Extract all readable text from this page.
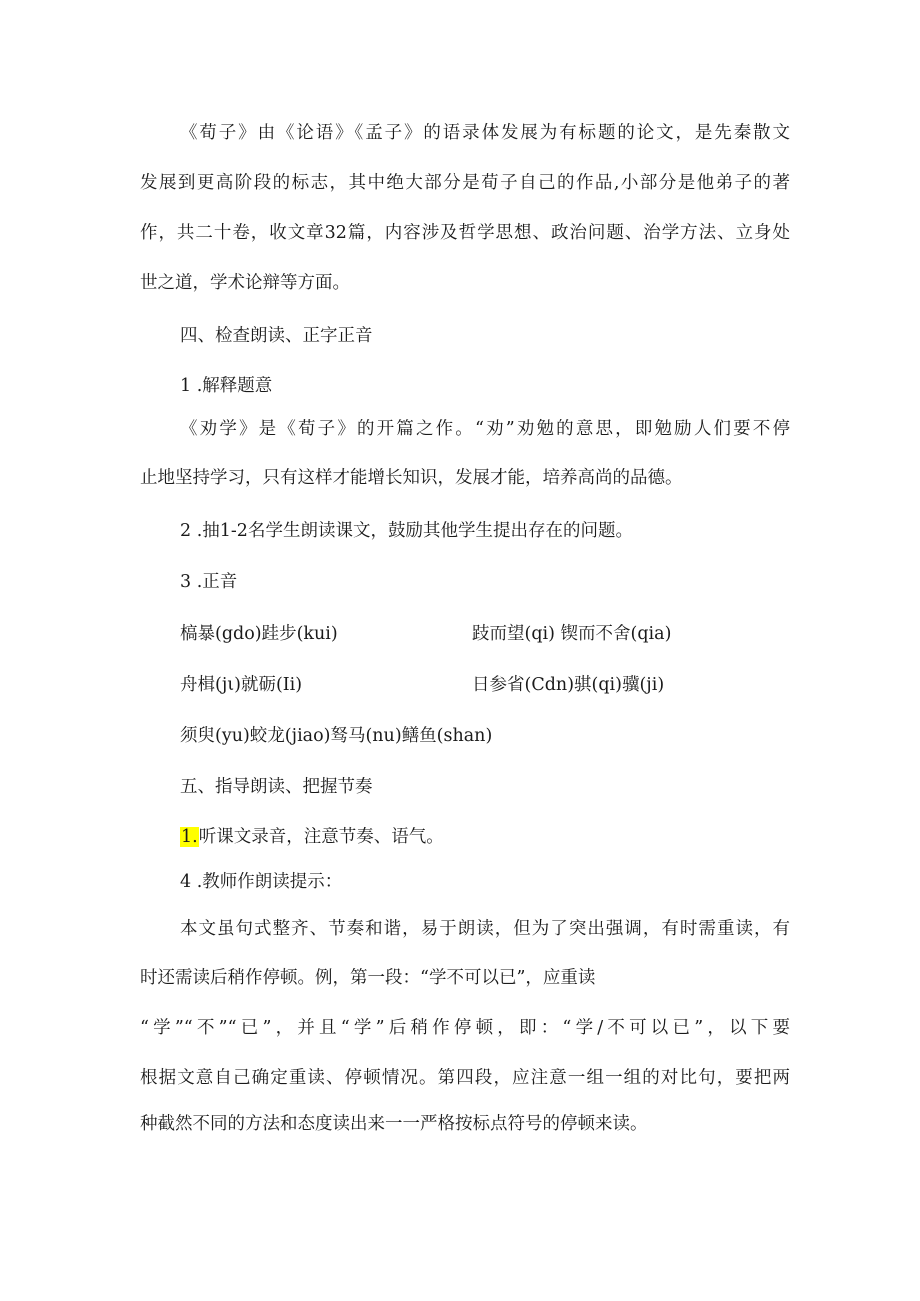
《荀子》由《论语》《孟子》的语录体发展为有标题的论文，是先秦散文
发展到更高阶段的标志，其中绝大部分是荀子自己的作品,小部分是他弟子的著
作，共二十卷，收文章32篇，内容涉及哲学思想、政治问题、治学方法、立身处
世之道，学术论辩等方面。
四、检查朗读、正字正音
1 .解释题意
《劝学》是《荀子》的开篇之作。“劝”劝勉的意思，即勉励人们要不停
止地坚持学习，只有这样才能增长知识，发展才能，培养高尚的品德。
2 .抽1-2名学生朗读课文，鼓励其他学生提出存在的问题。
3 .正音
槁暴(gdo)跬步(kui)	跂而望(qi) 锲而不舍(qia)
舟楫(jι)就砺(Ii)	日参省(Cdn)骐(qi)骥(ji)
须臾(yu)蛟龙(jiao)驽马(nu)鳝鱼(shan)
五、指导朗读、把握节奏
1.听课文录音，注意节奏、语气。
4 .教师作朗读提示：
本文虽句式整齐、节奏和谐，易于朗读，但为了突出强调，有时需重读，有
时还需读后稍作停顿。例，第一段：“学不可以已”，应重读
“学”“不”“已”，并且“学”后稍作停顿，即：“学/不可以已”，以下要
根据文意自己确定重读、停顿情况。第四段，应注意一组一组的对比句，要把两
种截然不同的方法和态度读出来一一严格按标点符号的停顿来读。
